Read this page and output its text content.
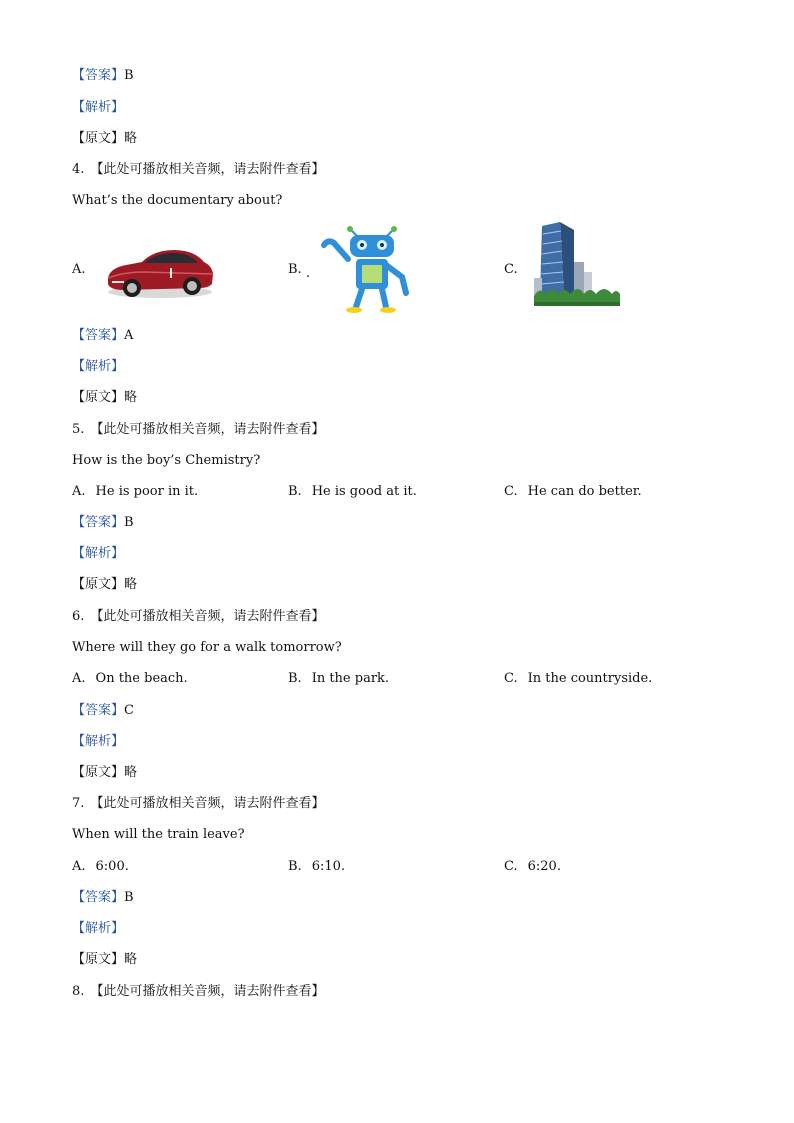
【答案】B
【解析】
【原文】略
4. 【此处可播放相关音频，请去附件查看】
What’s the documentary about?
A.	B. .	C.
【答案】A
【解析】
【原文】略
5. 【此处可播放相关音频，请去附件查看】
How is the boy’s Chemistry?
A. He is poor in it.	B. He is good at it.	C. He can do better.
【答案】B
【解析】
【原文】略
6. 【此处可播放相关音频，请去附件查看】
Where will they go for a walk tomorrow?
A. On the beach.	B. In the park.	C. In the countryside.
【答案】C
【解析】
【原文】略
7. 【此处可播放相关音频，请去附件查看】
When will the train leave?
A. 6:00.	B. 6:10.	C. 6:20.
【答案】B
【解析】
【原文】略
8. 【此处可播放相关音频，请去附件查看】
